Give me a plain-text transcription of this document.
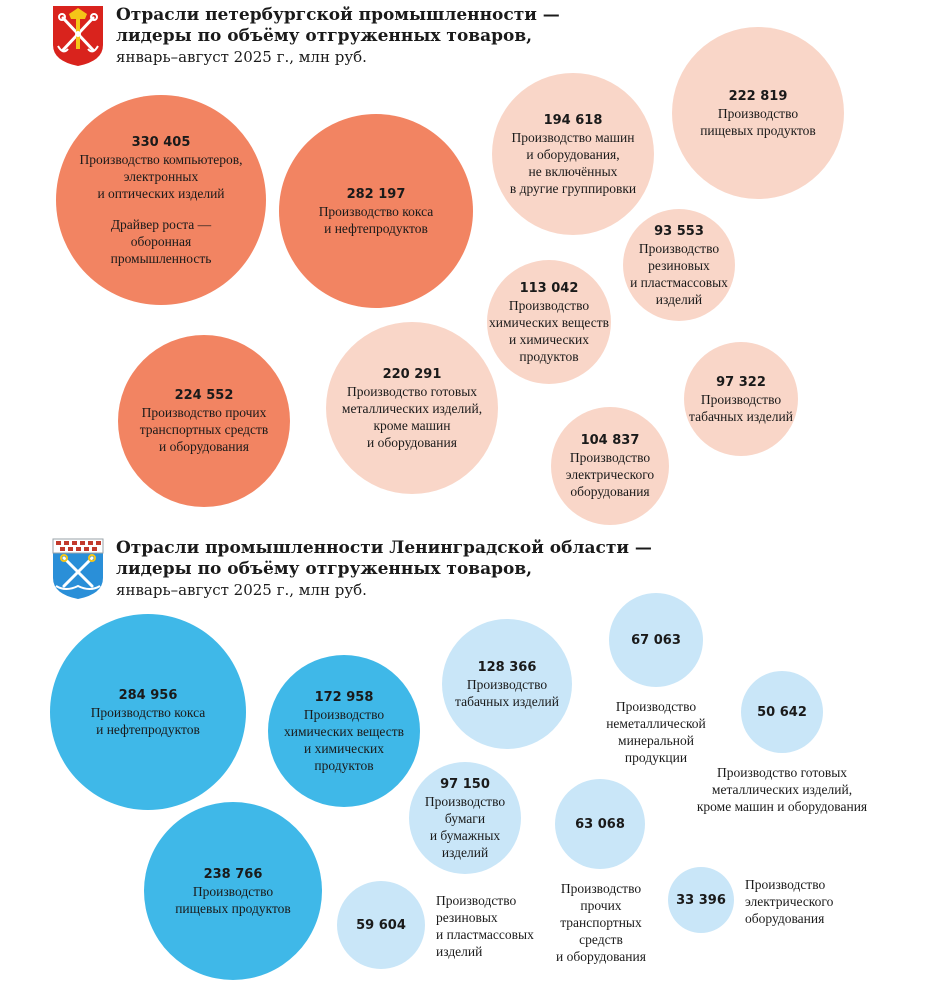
Отрасли петербургской промышленности —
лидеры по объёму отгруженных товаров,
январь–август 2025 г., млн руб.
330 405
Производство компьютеров,
электронных
и оптических изделий
Драйвер роста —
оборонная
промышленность
282 197
Производство кокса
и нефтепродуктов
224 552
Производство прочих
транспортных средств
и оборудования
220 291
Производство готовых
металлических изделий,
кроме машин
и оборудования
194 618
Производство машин
и оборудования,
не включённых
в другие группировки
222 819
Производство
пищевых продуктов
93 553
Производство
резиновых
и пластмассовых
изделий
113 042
Производство
химических веществ
и химических
продуктов
97 322
Производство
табачных изделий
104 837
Производство
электрического
оборудования
Отрасли промышленности Ленинградской области —
лидеры по объёму отгруженных товаров,
январь–август 2025 г., млн руб.
284 956
Производство кокса
и нефтепродуктов
172 958
Производство
химических веществ
и химических
продуктов
238 766
Производство
пищевых продуктов
128 366
Производство
табачных изделий
97 150
Производство
бумаги
и бумажных
изделий
Производство
неметаллической
минеральной
продукции
67 063
Производство готовых
металлических изделий,
кроме машин и оборудования
50 642
Производство
прочих
транспортных
средств
и оборудования
63 068
Производство
резиновых
и пластмассовых
изделий
59 604
Производство
электрического
оборудования
33 396
